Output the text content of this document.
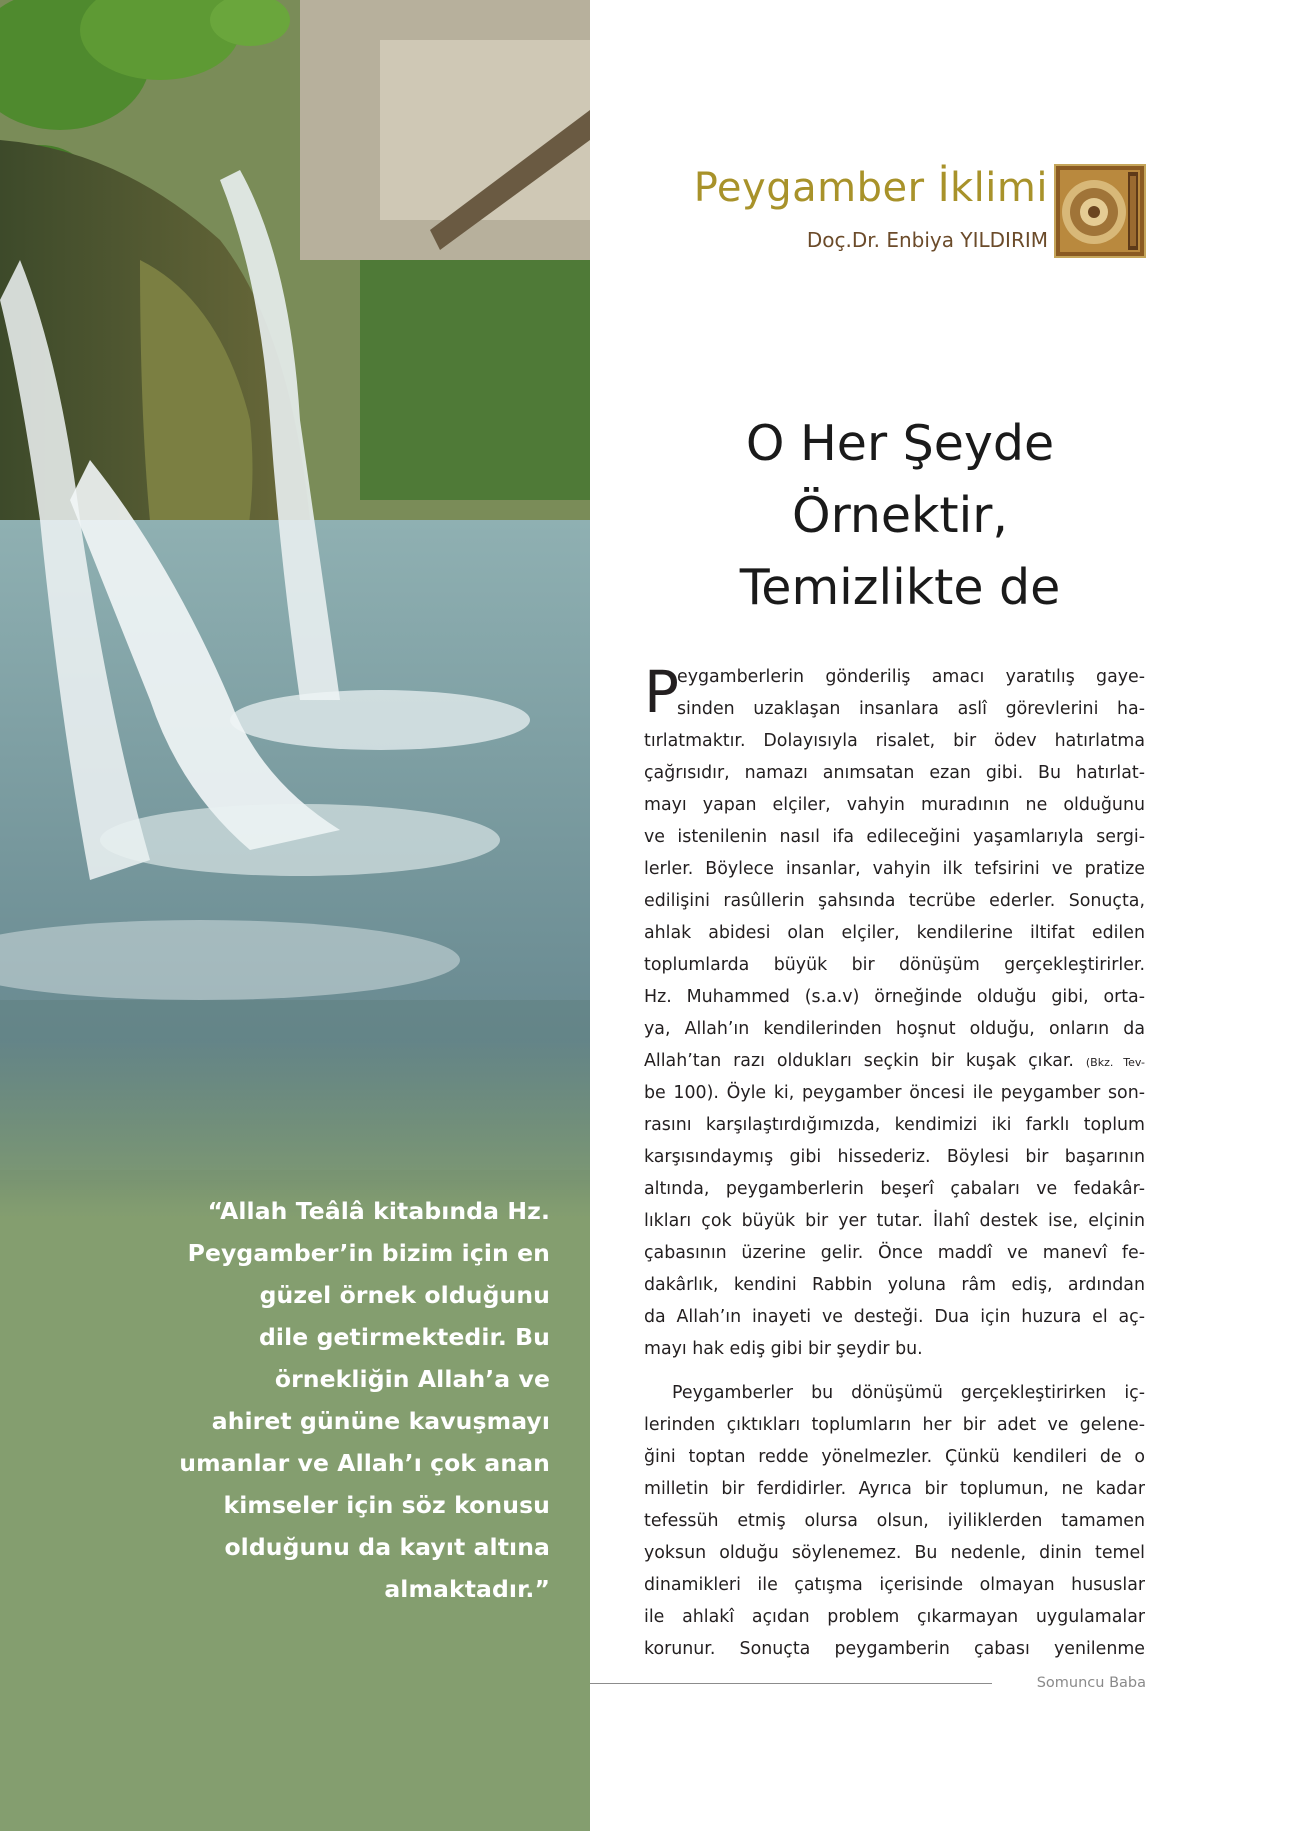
“Allah Teâlâ kitabında Hz.
Peygamber’in bizim için en
güzel örnek olduğunu
dile getirmektedir. Bu
örnekliğin Allah’a ve
ahiret gününe kavuşmayı
umanlar ve Allah’ı çok anan
kimseler için söz konusu
olduğunu da kayıt altına
almaktadır.”
Peygamber İklimi
Doç.Dr. Enbiya YILDIRIM
O Her Şeyde
Örnektir,
Temizlikte de
P
eygamberlerin gönderiliş amacı yaratılış gaye-
sinden uzaklaşan insanlara aslî görevlerini ha-
tırlatmaktır. Dolayısıyla risalet, bir ödev hatırlatma
çağrısıdır, namazı anımsatan ezan gibi. Bu hatırlat-
mayı yapan elçiler, vahyin muradının ne olduğunu
ve istenilenin nasıl ifa edileceğini yaşamlarıyla sergi-
lerler. Böylece insanlar, vahyin ilk tefsirini ve pratize
edilişini rasûllerin şahsında tecrübe ederler. Sonuçta,
ahlak abidesi olan elçiler, kendilerine iltifat edilen
toplumlarda büyük bir dönüşüm gerçekleştirirler.
Hz. Muhammed (s.a.v) örneğinde olduğu gibi, orta-
ya, Allah’ın kendilerinden hoşnut olduğu, onların da
Allah’tan razı oldukları seçkin bir kuşak çıkar. (Bkz. Tev-
be 100). Öyle ki, peygamber öncesi ile peygamber son-
rasını karşılaştırdığımızda, kendimizi iki farklı toplum
karşısındaymış gibi hissederiz. Böylesi bir başarının
altında, peygamberlerin beşerî çabaları ve fedakâr-
lıkları çok büyük bir yer tutar. İlahî destek ise, elçinin
çabasının üzerine gelir. Önce maddî ve manevî fe-
dakârlık, kendini Rabbin yoluna râm ediş, ardından
da Allah’ın inayeti ve desteği. Dua için huzura el aç-
mayı hak ediş gibi bir şeydir bu.
Peygamberler bu dönüşümü gerçekleştirirken iç-
lerinden çıktıkları toplumların her bir adet ve gelene-
ğini toptan redde yönelmezler. Çünkü kendileri de o
milletin bir ferdidirler. Ayrıca bir toplumun, ne kadar
tefessüh etmiş olursa olsun, iyiliklerden tamamen
yoksun olduğu söylenemez. Bu nedenle, dinin temel
dinamikleri ile çatışma içerisinde olmayan hususlar
ile ahlakî açıdan problem çıkarmayan uygulamalar
korunur. Sonuçta peygamberin çabası yenilenme
Somuncu Baba
